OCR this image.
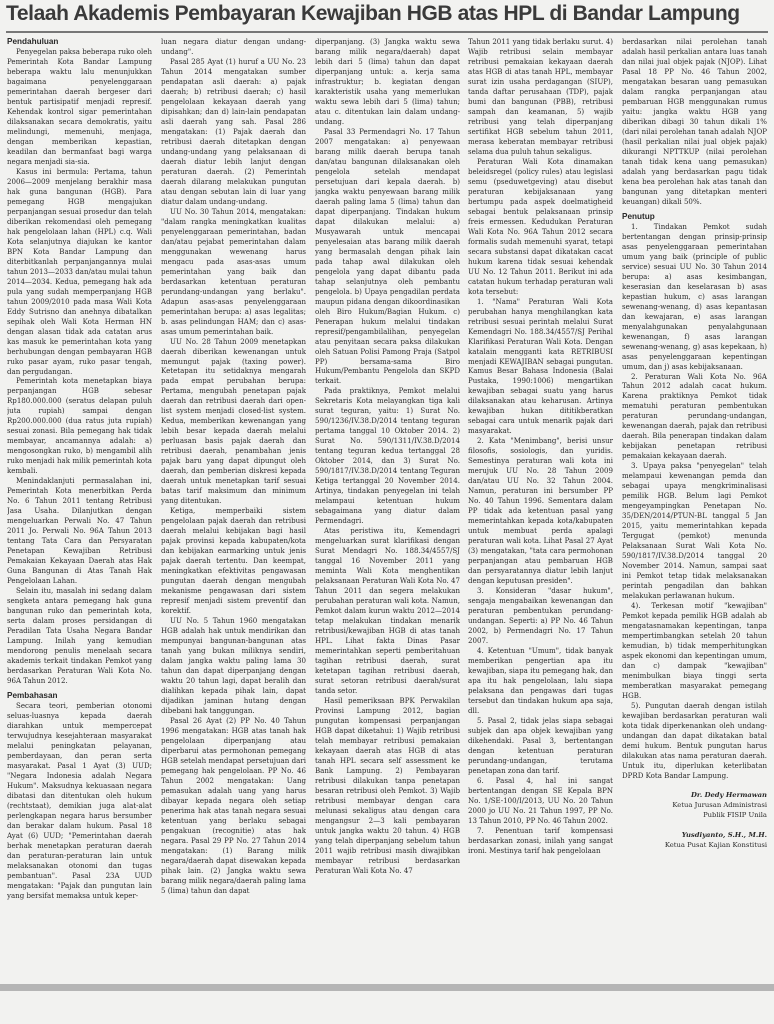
Telaah Akademis Pembayaran Kewajiban HGB atas HPL di Bandar Lampung
Pendahuluan

Penyegelan paksa beberapa ruko oleh Pemerintah Kota Bandar Lampung beberapa waktu lalu menunjukkan bagaimana penyelenggaraan pemerintahan daerah bergeser dari bentuk partisipatif menjadi represif. Kehendak kontrol sigar pemerintahan dilaksanakan secara demokratis, yaitu melindungi, memenuhi, menjaga, dengan memberikan kepastian, keadilan dan bermanfaat bagi warga negara menjadi sia-sia.

Kasus ini bermula: Pertama, tahun 2006—2009 menjelang berakhir masa hak guna bangunan (HGB). Para pemegang HGB mengajukan perpanjangan sesuai prosedur dan telah diberikan rekomendasi oleh pemegang hak pengelolaan lahan (HPL) c.q. Wali Kota selanjutnya diajukan ke kantor BPN Kota Bandar Lampung dan diterbitkanlah perpanjangannya mulai tahun 2013—2033 dan/atau mulai tahun 2014—2034. Kedua, pemegang hak ada pula yang sudah memperpanjang HGB tahun 2009/2010 pada masa Wali Kota Eddy Sutrisno dan anehnya dibatalkan sepihak oleh Wali Kota Herman HN dengan alasan tidak ada catatan arus kas masuk ke pemerintahan kota yang berhubungan dengan pembayaran HGB ruko pasar ayam, ruko pasar tengah, dan pergudangan.

Pemerintah kota menetapkan biaya perpanjangan HGB sebesar Rp180.000.000 (seratus delapan puluh juta rupiah) sampai dengan Rp200.000.000 (dua ratus juta rupiah) sesuai zonasi. Bila pemegang hak tidak membayar, ancamannya adalah: a) mengosongkan ruko, b) mengambil alih ruko menjadi hak milik pemerintah kota kembali.

Menindaklanjuti permasalahan ini, Pemerintah Kota menerbitkan Perda No. 6 Tahun 2011 tentang Retribusi Jasa Usaha. Dilanjutkan dengan mengeluarkan Perwali No. 47 Tahun 2011 Jo. Perwali No. 96A Tahun 2013 tentang Tata Cara dan Persyaratan Penetapan Kewajiban Retribusi Pemakaian Kekayaan Daerah atas Hak Guna Bangunan di Atas Tanah Hak Pengelolaan Lahan.

Selain itu, masalah ini sedang dalam sengketa antara pemegang hak guna bangunan ruko dan pemerintah kota, serta dalam proses persidangan di Peradilan Tata Usaha Negara Bandar Lampung. Inilah yang kemudian mendorong penulis menelaah secara akademis terkait tindakan Pemkot yang berdasarkan Peraturan Wali Kota No. 96A Tahun 2012.

Pembahasan

Secara teori, pemberian otonomi seluas-luasnya kepada daerah diarahkan untuk mempercepat terwujudnya kesejahteraan masyarakat melalui peningkatan pelayanan, pemberdayaan, dan peran serta masyarakat. Pasal 1 Ayat (3) UUD; "Negara Indonesia adalah Negara Hukum". Maksudnya kekuasaan negara dibatasi dan ditentukan oleh hukum (rechtstaat), demikian juga alat-alat perlengkapan negara harus bersumber dan berakar dalam hukum. Pasal 18 Ayat (6) UUD; "Pemerintahan daerah berhak menetapkan peraturan daerah dan peraturan-peraturan lain untuk melaksanakan otonomi dan tugas pembantuan". Pasal 23A UUD mengatakan: "Pajak dan pungutan lain yang bersifat memaksa untuk keper-

luan negara diatur dengan undang-undang".

Pasal 285 Ayat (1) huruf a UU No. 23 Tahun 2014 mengatakan sumber pendapatan asli daerah: a) pajak daerah; b) retribusi daerah; c) hasil pengelolaan kekayaan daerah yang dipisahkan; dan d) lain-lain pendapatan asli daerah yang sah. Pasal 286 mengatakan: (1) Pajak daerah dan retribusi daerah ditetapkan dengan undang-undang yang pelaksanaan di daerah diatur lebih lanjut dengan peraturan daerah. (2) Pemerintah daerah dilarang melakukan pungutan atau dengan sebutan lain di luar yang diatur dalam undang-undang.

UU No. 30 Tahun 2014, mengatakan: "dalam rangka meningkatkan kualitas penyelenggaraan pemerintahan, badan dan/atau pejabat pemerintahan dalam menggunakan wewenang harus mengacu pada asas-asas umum pemerintahan yang baik dan berdasarkan ketentuan peraturan perundang-undangan yang berlaku". Adapun asas-asas penyelenggaraan pemerintahan berupa: a) asas legalitas; b. asas pelindungan HAM; dan c) asas-asas umum pemerintahan baik.

UU No. 28 Tahun 2009 menetapkan daerah diberikan kewenangan untuk memungut pajak (taxing power). Ketetapan itu setidaknya mengarah pada empat perubahan berupa: Pertama, mengubah penetapan pajak daerah dan retribusi daerah dari open-list system menjadi closed-list system. Kedua, memberikan kewenangan yang lebih besar kepada daerah melalui perluasan basis pajak daerah dan retribusi daerah, penambahan jenis pajak baru yang dapat dipungut oleh daerah, dan pemberian diskresi kepada daerah untuk menetapkan tarif sesuai batas tarif maksimum dan minimum yang ditentukan.

Ketiga, memperbaiki sistem pengelolaan pajak daerah dan retribusi daerah melalui kebijakan bagi hasil pajak provinsi kepada kabupaten/kota dan kebijakan earmarking untuk jenis pajak daerah tertentu. Dan keempat, meningkatkan efektivitas pengawasan pungutan daerah dengan mengubah mekanisme pengawasan dari sistem represif menjadi sistem preventif dan korektif.

UU No. 5 Tahun 1960 mengatakan HGB adalah hak untuk mendirikan dan mempunyai bangunan-bangunan atas tanah yang bukan miliknya sendiri, dalam jangka waktu paling lama 30 tahun dan dapat diperpanjang dengan waktu 20 tahun lagi, dapat beralih dan dialihkan kepada pihak lain, dapat dijadikan jaminan hutang dengan dibebani hak tanggungan.

Pasal 26 Ayat (2) PP No. 40 Tahun 1996 mengatakan: HGB atas tanah hak pengelolaan diperpanjang atau diperbarui atas permohonan pemegang HGB setelah mendapat persetujuan dari pemegang hak pengelolaan. PP No. 46 Tahun 2002 mengatakan: Uang pemasukan adalah uang yang harus dibayar kepada negara oleh setiap penerima hak atas tanah negara sesuai ketentuan yang berlaku sebagai pengakuan (recognitie) atas hak negara. Pasal 29 PP No. 27 Tahun 2014 mengatakan: (1) Barang milik negara/daerah dapat disewakan kepada pihak lain. (2) Jangka waktu sewa barang milik negara/daerah paling lama 5 (lima) tahun dan dapat

diperpanjang. (3) Jangka waktu sewa barang milik negara/daerah) dapat lebih dari 5 (lima) tahun dan dapat diperpanjang untuk: a. kerja sama infrastruktur; b. kegiatan dengan karakteristik usaha yang memerlukan waktu sewa lebih dari 5 (lima) tahun; atau c. ditentukan lain dalam undang-undang.

Pasal 33 Permendagri No. 17 Tahun 2007 mengatakan: a) penyewaan barang milik daerah berupa tanah dan/atau bangunan dilaksanakan oleh pengelola setelah mendapat persetujuan dari kepala daerah. b) jangka waktu penyewaan barang milik daerah paling lama 5 (lima) tahun dan dapat diperpanjang. Tindakan hukum dapat dilakukan melalui: a) Musyawarah untuk mencapai penyelesaian atas barang milik daerah yang bermasalah dengan pihak lain pada tahap awal dilakukan oleh pengelola yang dapat dibantu pada tahap selanjutnya oleh pembantu pengelola. b) Upaya pengadilan perdata maupun pidana dengan dikoordinasikan oleh Biro Hukum/Bagian Hukum. c) Penerapan hukum melalui tindakan represif/pengambilalihan, penyegelan atau penyitaan secara paksa dilakukan oleh Satuan Polisi Pamong Praja (Satpol PP) bersama-sama Biro Hukum/Pembantu Pengelola dan SKPD terkait.

Pada praktiknya, Pemkot melalui Sekretaris Kota melayangkan tiga kali surat teguran, yaitu: 1) Surat No. 590/1236/IV.38.D/2014 tentang teguran pertama tanggal 10 Oktober 2014. 2) Surat No. 590/1311/IV.38.D/2014 tentang teguran kedua tertanggal 28 Oktober 2014, dan 3) Surat No. 590/1817/IV.38.D/2014 tentang Teguran Ketiga tertanggal 20 November 2014. Artinya, tindakan penyegelan ini telah melampaui ketentuan hukum sebagaimana yang diatur dalam Permendagri.

Atas peristiwa itu, Kemendagri mengeluarkan surat klarifikasi dengan Surat Mendagri No. 188.34/4557/SJ tanggal 16 November 2011 yang meminta Wali Kota menghentikan pelaksanaan Peraturan Wali Kota No. 47 Tahun 2011 dan segera melakukan perubahan peraturan wali kota. Namun, Pemkot dalam kurun waktu 2012—2014 tetap melakukan tindakan menarik retribusi/kewajiban HGB di atas tanah HPL. Lihat fakta Dinas Pasar memerintahkan seperti pemberitahuan tagihan retribusi daerah, surat ketetapan tagihan retribusi daerah, surat setoran retribusi daerah/surat tanda setor.

Hasil pemeriksaan BPK Perwakilan Provinsi Lampung 2012, bagian pungutan kompensasi perpanjangan HGB dapat diketahui: 1) Wajib retribusi telah membayar retribusi pemakaian kekayaan daerah atas HGB di atas tanah HPL secara self assessment ke Bank Lampung. 2) Pembayaran retribusi dilakukan tanpa penetapan besaran retribusi oleh Pemkot. 3) Wajib retribusi membayar dengan cara melunasi sekaligus atau dengan cara mengangsur 2—3 kali pembayaran untuk jangka waktu 20 tahun. 4) HGB yang telah diperpanjang sebelum tahun 2011 wajib retribusi masih diwajibkan membayar retribusi berdasarkan Peraturan Wali Kota No. 47

Tahun 2011 yang tidak berlaku surut. 4) Wajib retribusi selain membayar retribusi pemakaian kekayaan daerah atas HGB di atas tanah HPL, membayar surat izin usaha perdagangan (SIUP), tanda daftar perusahaan (TDP), pajak bumi dan bangunan (PBB), retribusi sampah dan keamanan, 5) wajib retribusi yang telah diperpanjang sertifikat HGB sebelum tahun 2011, merasa keberatan membayar retribusi selama dua puluh tahun sekaligus.

Peraturan Wali Kota dinamakan beleidsregel (policy rules) atau legislasi semu (pseduwetgeving) atau disebut peraturan kebijaksanaan yang bertumpu pada aspek doelmatigheid sebagai bentuk pelaksanaan prinsip freis ermessen. Kedudukan Peraturan Wali Kota No. 96A Tahun 2012 secara formalis sudah memenuhi syarat, tetapi secara substansi dapat dikatakan cacat hukum karena tidak sesuai kehendak UU No. 12 Tahun 2011. Berikut ini ada catatan hukum terhadap peraturan wali kota tersebut:

1. "Nama" Peraturan Wali Kota perubahan hanya menghilangkan kata retribusi sesuai perintah melalui Surat Kemendagri No. 188.34/4557/SJ Perihal Klarifikasi Peraturan Wali Kota. Dengan katalain mengganti kata RETRIBUSI menjadi KEWAJIBAN sebagai pungutan. Kamus Besar Bahasa Indonesia (Balai Pustaka, 1990:1006) mengartikan kewajiban sebagai suatu yang harus dilaksanakan atau keharusan. Artinya kewajiban hukan dititikberatkan sebagai cara untuk menarik pajak dari masyarakat.

2. Kata "Menimbang", berisi unsur filosofis, sosiologis, dan yuridis. Semestinya peraturan wali kota ini merujuk UU No. 28 Tahun 2009 dan/atau UU No. 32 Tahun 2004. Namun, peraturan ini bersumber PP No. 40 Tahun 1996. Sementara dalam PP tidak ada ketentuan pasal yang memerintahkan kepada kota/kabupaten untuk membuat perda apalagi peraturan wali kota. Lihat Pasal 27 Ayat (3) mengatakan, "tata cara permohonan perpanjangan atau pembaruan HGB dan persyaratannya diatur lebih lanjut dengan keputusan presiden".

3. Konsideran "dasar hukum", sengaja mengabaikan kewenangan dan peraturan pembentukan perundang-undangan. Seperti: a) PP No. 46 Tahun 2002, b) Permendagri No. 17 Tahun 2007.

4. Ketentuan "Umum", tidak banyak memberikan pengertian apa itu kewajiban, siapa itu pemegang hak, dan apa itu hak pengelolaan, lalu siapa pelaksana dan pengawas dari tugas tersebut dan tindakan hukum apa saja, dll.

5. Pasal 2, tidak jelas siapa sebagai subjek dan apa objek kewajiban yang dikehendaki. Pasal 3, bertentangan dengan ketentuan peraturan perundang-undangan, terutama penetapan zona dan tarif.

6. Pasal 4, hal ini sangat bertentangan dengan SE Kepala BPN No. 1/SE-100/I/2013, UU No. 20 Tahun 2000 jo UU No. 21 Tahun 1997, PP No. 13 Tahun 2010, PP No. 46 Tahun 2002.

7. Penentuan tarif kompensasi berdasarkan zonasi, inilah yang sangat ironi. Mestinya tarif hak pengelolaan

berdasarkan nilai perolehan tanah adalah hasil perkalian antara luas tanah dan nilai jual objek pajak (NJOP). Lihat Pasal 18 PP No. 46 Tahun 2002, mengatakan besaran uang pemasukan dalam rangka perpanjangan atau pembaruan HGB menggunakan rumus yaitu: jangka waktu HGB yang diberikan dibagi 30 tahun dikali 1% (dari nilai perolehan tanah adalah NJOP (hasil perkalian nilai jual objek pajak) dikurangi NPTTKUP (nilai perolehan tanah tidak kena uang pemasukan) adalah yang berdasarkan pagu tidak kena bea perolehan hak atas tanah dan bangunan yang ditetapkan menteri keuangan) dikali 50%.

Penutup

1. Tindakan Pemkot sudah bertentangan dengan prinsip-prinsip asas penyelenggaraan pemerintahan umum yang baik (principle of public service) sesuai UU No. 30 Tahun 2014 berupa: a) asas kesimbangan, keserasian dan keselarasan b) asas kepastian hukum, c) asas larangan sewenang-wenang, d) asas kepantasan dan kewajaran, e) asas larangan menyalahgunakan penyalahgunaan kewenangan, f) asas larangan sewenang-wenang, g) asas kepekaan, h) asas penyelenggaraan kepentingan umum, dan j) asas kebijaksanaan.

2. Peraturan Wali Kota No. 96A Tahun 2012 adalah cacat hukum. Karena praktiknya Pemkot tidak mematuhi peraturan pembentukan peraturan perundang-undangan, kewenangan daerah, pajak dan retribusi daerah. Bila penerapan tindakan dalam kebijakan penetapan retribusi pemakaian kekayaan daerah.

3. Upaya paksa "penyegelan" telah melampaui kewenangan pemda dan sebagai upaya mengkriminalisasi pemilik HGB. Belum lagi Pemkot mengeyampingkan Penetapan No. 35/DEN/2014/PTUN-BL tanggal 5 Jan 2015, yaitu memerintahkan kepada Tergugat (pemkot) menunda Pelaksanaan Surat Wali Kota No. 590/1817/IV.38.D/2014 tanggal 20 November 2014. Namun, sampai saat ini Pemkot tetap tidak melaksanakan perintah pengadilan dan bahkan melakukan perlawanan hukum.

4). Terkesan motif "kewajiban" Pemkot kepada pemilik HGB adalah ab mengatasnamakan kepentingan, tanpa mempertimbangkan setelah 20 tahun kemudian, b) tidak memperhitungkan aspek ekonomi dan kepentingan umum, dan c) dampak "kewajiban" menimbulkan biaya tinggi serta memberatkan masyarakat pemegang HGB.

5). Pungutan daerah dengan istilah kewajiban berdasarkan peraturan wali kota tidak diperkenankan oleh undang-undangan dan dapat dikatakan batal demi hukum. Bentuk pungutan harus dilakukan atas nama peraturan daerah. Untuk itu, diperlukan keterlibatan DPRD Kota Bandar Lampung.

Dr. Dedy Hermawan
Ketua Jurusan Administrasi
Publik FISIP Unila
Yusdiyanto, S.H., M.H.
Ketua Pusat Kajian Konstitusi
